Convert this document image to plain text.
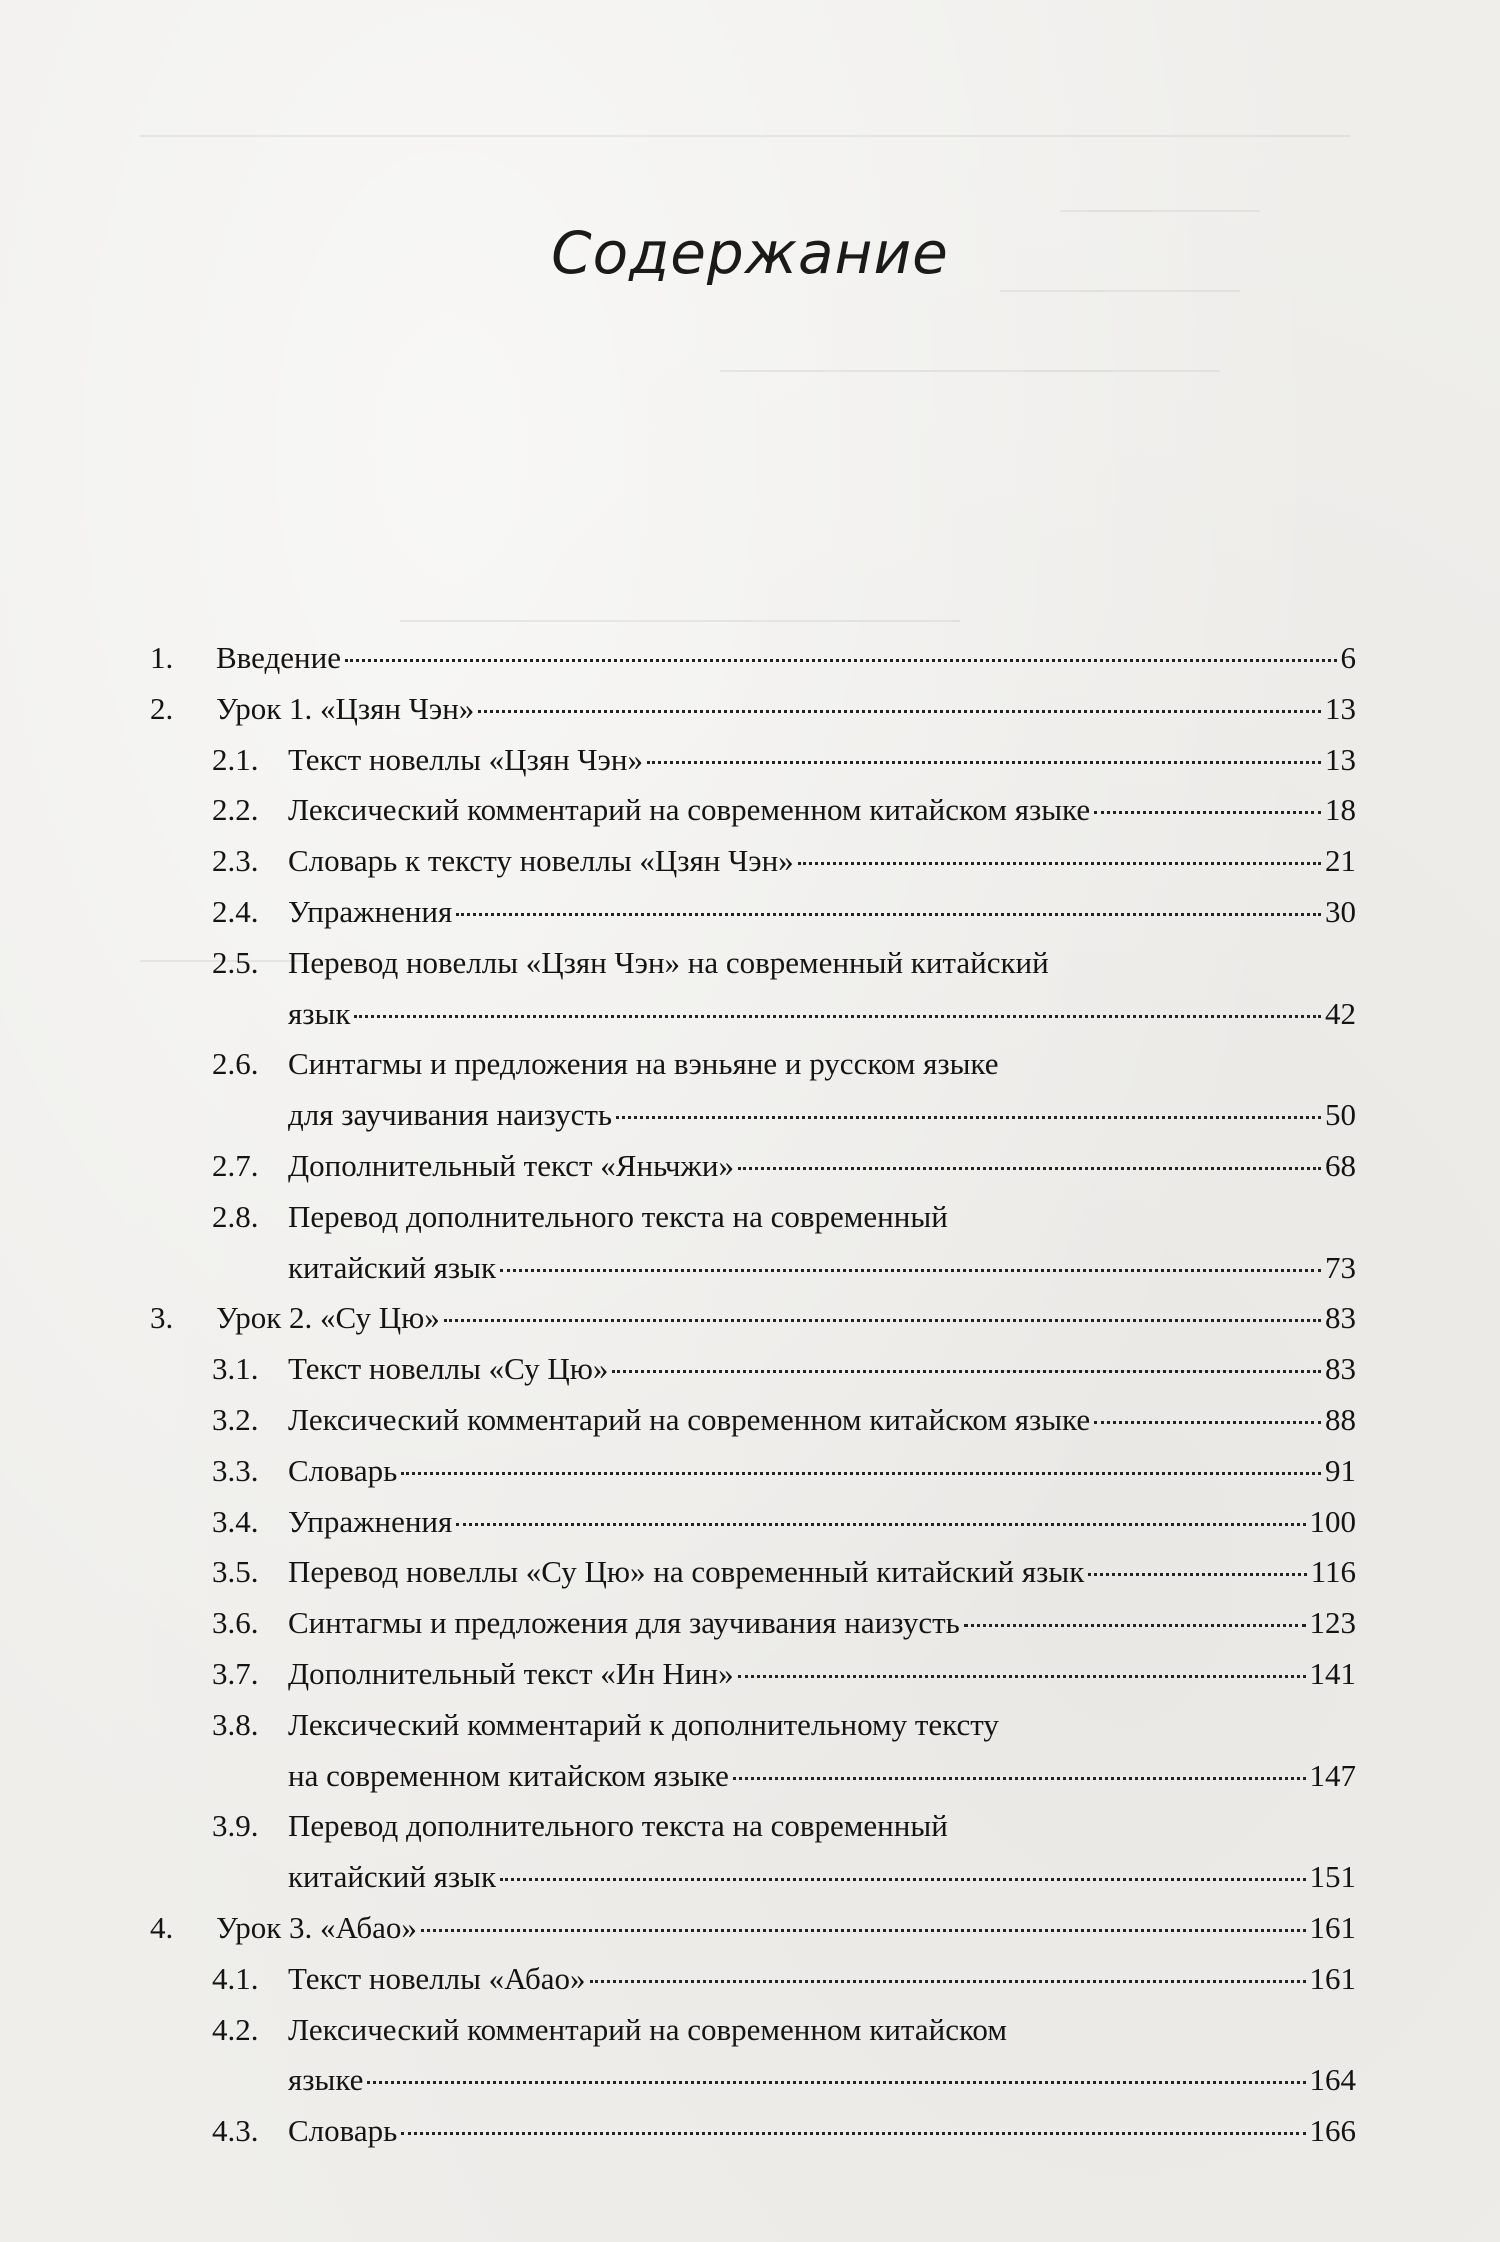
Содержание
1.	Введение	6
2.	Урок 1. «Цзян Чэн»	13
2.1. Текст новеллы «Цзян Чэн»	13
2.2. Лексический комментарий на современном китайском языке	18
2.3. Словарь к тексту новеллы «Цзян Чэн»	21
2.4. Упражнения	30
2.5. Перевод новеллы «Цзян Чэн» на современный китайский
язык	42
2.6. Синтагмы и предложения на вэньяне и русском языке
для заучивания наизусть	50
2.7. Дополнительный текст «Яньчжи»	68
2.8. Перевод дополнительного текста на современный
китайский язык	73
3.	Урок 2. «Су Цю»	83
3.1. Текст новеллы «Су Цю»	83
3.2. Лексический комментарий на современном китайском языке	88
3.3. Словарь	91
3.4. Упражнения	100
3.5. Перевод новеллы «Су Цю» на современный китайский язык	116
3.6. Синтагмы и предложения для заучивания наизусть	123
3.7. Дополнительный текст «Ин Нин»	141
3.8. Лексический комментарий к дополнительному тексту
на современном китайском языке	147
3.9. Перевод дополнительного текста на современный
китайский язык	151
4.	Урок 3. «Абао»	161
4.1. Текст новеллы «Абао»	161
4.2. Лексический комментарий на современном китайском
языке	164
4.3. Словарь	166
